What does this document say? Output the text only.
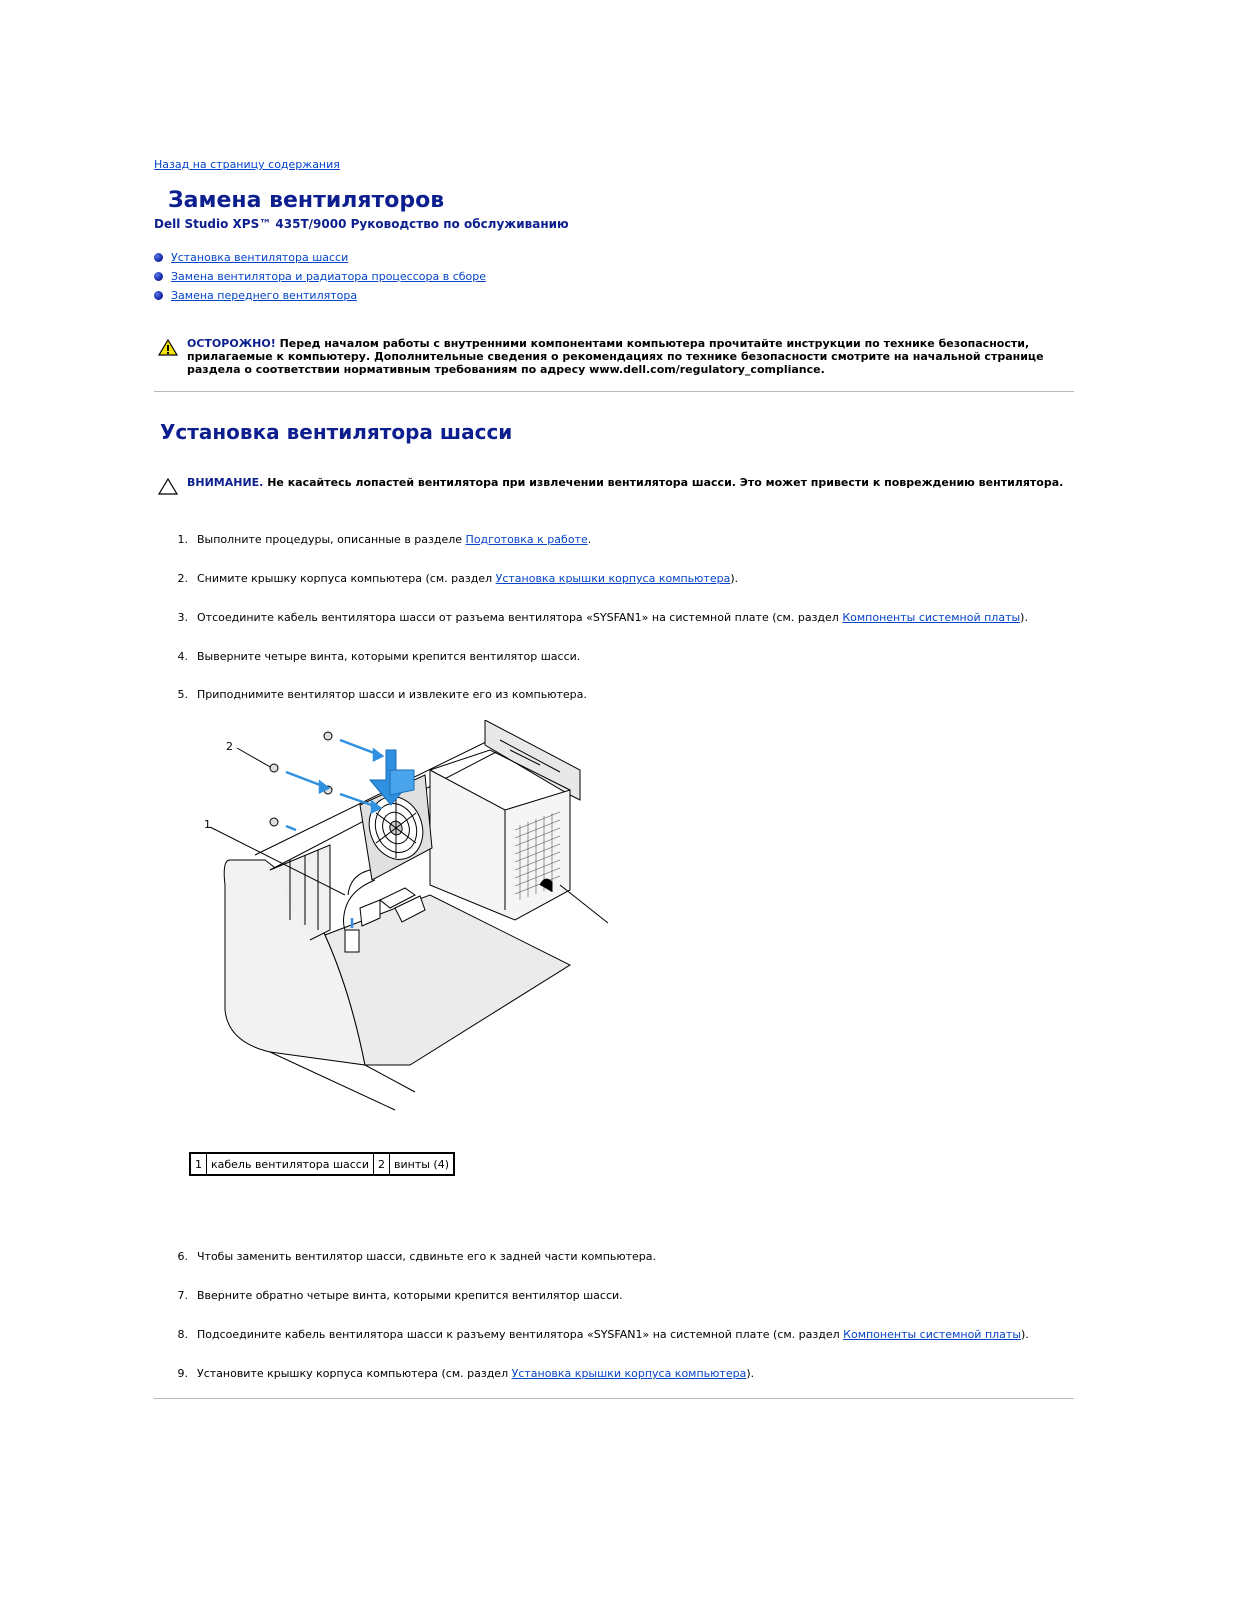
Назад на страницу содержания
Замена вентиляторов
Dell Studio XPS™ 435T/9000 Руководство по обслуживанию
Установка вентилятора шасси
Замена вентилятора и радиатора процессора в сборе
Замена переднего вентилятора
ОСТОРОЖНО! Перед началом работы с внутренними компонентами компьютера прочитайте инструкции по технике безопасности, прилагаемые к компьютеру. Дополнительные сведения о рекомендациях по технике безопасности смотрите на начальной странице раздела о соответствии нормативным требованиям по адресу www.dell.com/regulatory_compliance.
Установка вентилятора шасси
ВНИМАНИЕ. Не касайтесь лопастей вентилятора при извлечении вентилятора шасси. Это может привести к повреждению вентилятора.
1. Выполните процедуры, описанные в разделе Подготовка к работе.
2. Снимите крышку корпуса компьютера (см. раздел Установка крышки корпуса компьютера).
3. Отсоедините кабель вентилятора шасси от разъема вентилятора «SYSFAN1» на системной плате (см. раздел Компоненты системной платы).
4. Выверните четыре винта, которыми крепится вентилятор шасси.
5. Приподнимите вентилятор шасси и извлеките его из компьютера.
1
2
1	кабель вентилятора шасси	2	винты (4)
6. Чтобы заменить вентилятор шасси, сдвиньте его к задней части компьютера.
7. Вверните обратно четыре винта, которыми крепится вентилятор шасси.
8. Подсоедините кабель вентилятора шасси к разъему вентилятора «SYSFAN1» на системной плате (см. раздел Компоненты системной платы).
9. Установите крышку корпуса компьютера (см. раздел Установка крышки корпуса компьютера).
